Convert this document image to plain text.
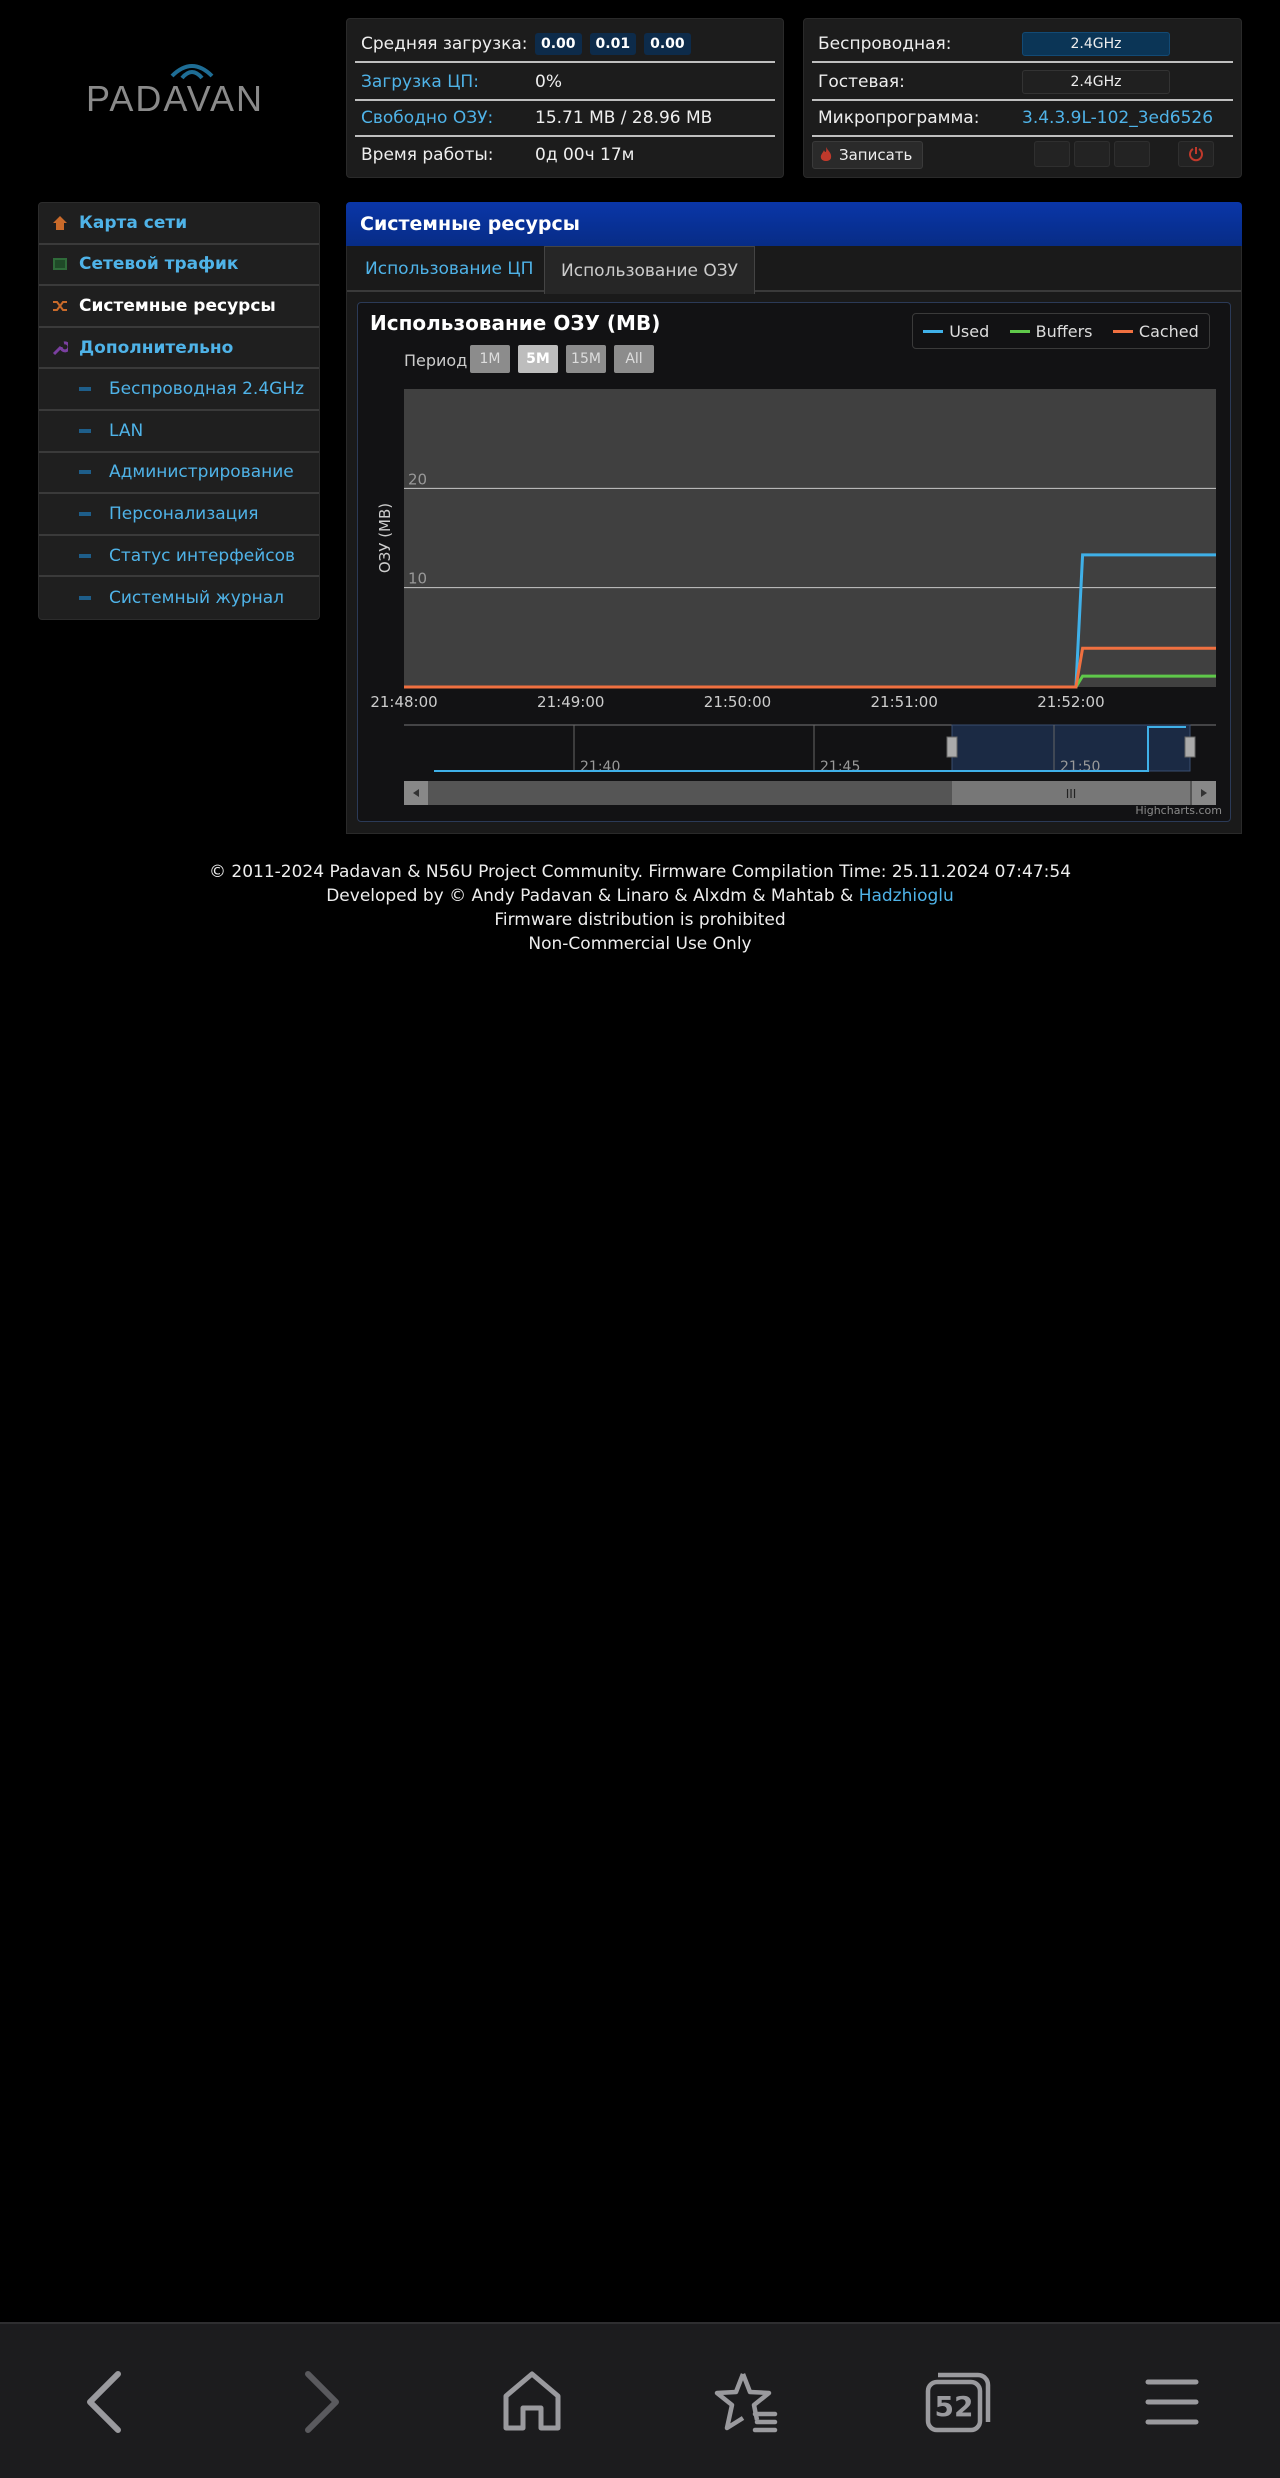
PADAVAN
Средняя загрузка: 0.00	0.01	0.00
Загрузка ЦП:	0%
Свободно ОЗУ:	15.71 MB / 28.96 MB
Время работы:	0д 00ч 17м
Беспроводная:	2.4GHz
Гостевая:	2.4GHz
Микропрограмма:	3.4.3.9L-102_3ed6526
Записать
Карта сети
Сетевой трафик
Системные ресурсы
Дополнительно
Беспроводная 2.4GHz
LAN
Администрирование
Персонализация
Статус интерфейсов
Системный журнал
Системные ресурсы
Использование ЦП	Использование ОЗУ
10
20
ОЗУ (MB)
21:48:00	21:49:00	21:50:00	21:51:00	21:52:00
21:40	21:45	21:50
III
Использование ОЗУ (MB)	Used	Buffers	Cached
Период 1M	5M	15M	All
Highcharts.com
© 2011-2024 Padavan & N56U Project Community. Firmware Compilation Time: 25.11.2024 07:47:54
Developed by © Andy Padavan & Linaro & Alxdm & Mahtab & Hadzhioglu
Firmware distribution is prohibited
Non-Commercial Use Only
52
